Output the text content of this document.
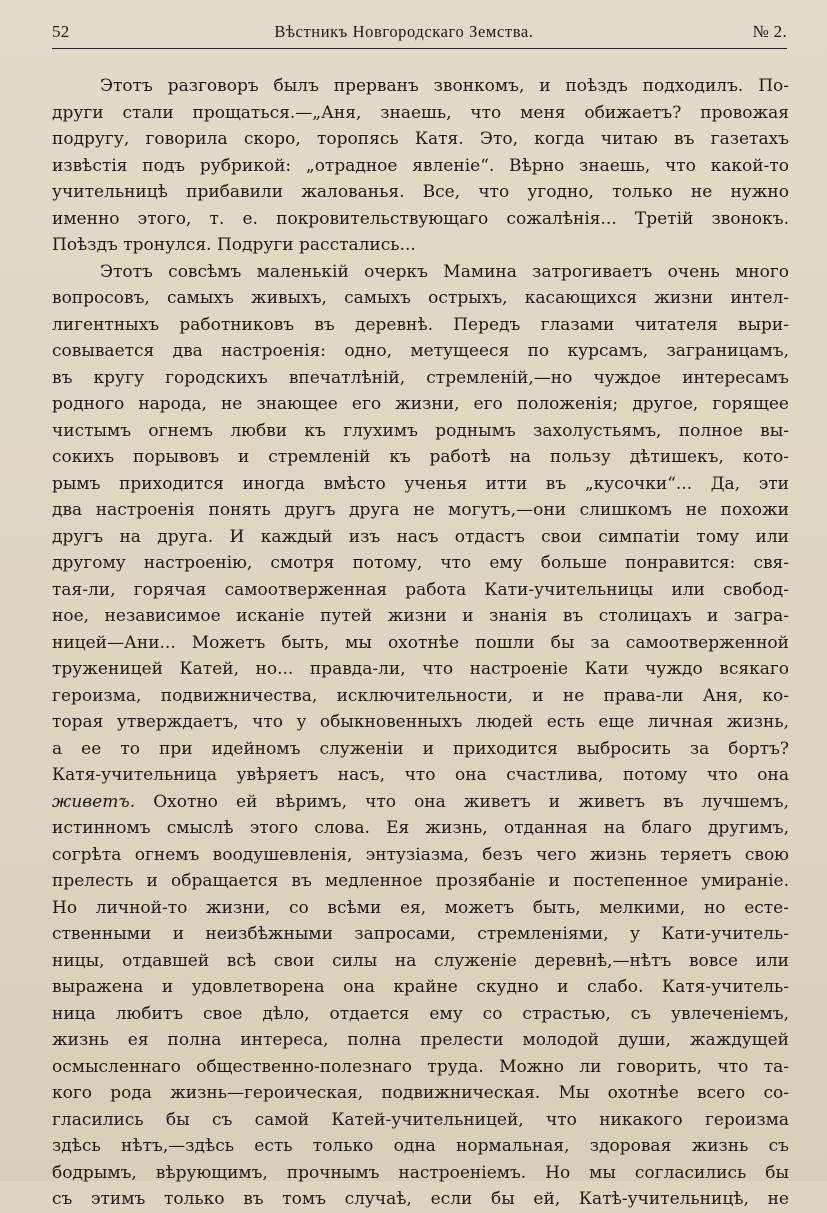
52	Вѣстникъ Новгородскаго Земства.	№ 2.
Этотъ разговоръ былъ прерванъ звонкомъ, и поѣздъ подходилъ. По-
други стали прощаться.—„Аня, знаешь, что меня обижаетъ? провожая
подругу, говорила скоро, торопясь Катя. Это, когда читаю въ газетахъ
извѣстія подъ рубрикой: „отрадное явленіе“. Вѣрно знаешь, что какой-то
учительницѣ прибавили жалованья. Все, что угодно, только не нужно
именно этого, т. е. покровительствующаго сожалѣнія... Третій звонокъ.
Поѣздъ тронулся. Подруги расстались...
Этотъ совсѣмъ маленькій очеркъ Мамина затрогиваетъ очень много
вопросовъ, самыхъ живыхъ, самыхъ острыхъ, касающихся жизни интел-
лигентныхъ работниковъ въ деревнѣ. Передъ глазами читателя выри-
совывается два настроенія: одно, метущееся по курсамъ, заграницамъ,
въ кругу городскихъ впечатлѣній, стремленій,—но чуждое интересамъ
родного народа, не знающее его жизни, его положенія; другое, горящее
чистымъ огнемъ любви къ глухимъ роднымъ захолустьямъ, полное вы-
сокихъ порывовъ и стремленій къ работѣ на пользу дѣтишекъ, кото-
рымъ приходится иногда вмѣсто ученья итти въ „кусочки“... Да, эти
два настроенія понять другъ друга не могутъ,—они слишкомъ не похожи
другъ на друга. И каждый изъ насъ отдастъ свои симпатіи тому или
другому настроенію, смотря потому, что ему больше понравится: свя-
тая-ли, горячая самоотверженная работа Кати-учительницы или свобод-
ное, независимое исканіе путей жизни и знанія въ столицахъ и загра-
ницей—Ани... Можетъ быть, мы охотнѣе пошли бы за самоотверженной
труженицей Катей, но... правда-ли, что настроеніе Кати чуждо всякаго
героизма, подвижничества, исключительности, и не права-ли Аня, ко-
торая утверждаетъ, что у обыкновенныхъ людей есть еще личная жизнь,
а ее то при идейномъ служеніи и приходится выбросить за бортъ?
Катя-учительница увѣряетъ насъ, что она счастлива, потому что она
живетъ. Охотно ей вѣримъ, что она живетъ и живетъ въ лучшемъ,
истинномъ смыслѣ этого слова. Ея жизнь, отданная на благо другимъ,
согрѣта огнемъ воодушевленія, энтузіазма, безъ чего жизнь теряетъ свою
прелесть и обращается въ медленное прозябаніе и постепенное умираніе.
Но личной-то жизни, со всѣми ея, можетъ быть, мелкими, но есте-
ственными и неизбѣжными запросами, стремленіями, у Кати-учитель-
ницы, отдавшей всѣ свои силы на служеніе деревнѣ,—нѣтъ вовсе или
выражена и удовлетворена она крайне скудно и слабо. Катя-учитель-
ница любитъ свое дѣло, отдается ему со страстью, съ увлеченіемъ,
жизнь ея полна интереса, полна прелести молодой души, жаждущей
осмысленнаго общественно-полезнаго труда. Можно ли говорить, что та-
кого рода жизнь—героическая, подвижническая. Мы охотнѣе всего со-
гласились бы съ самой Катей-учительницей, что никакого героизма
здѣсь нѣтъ,—здѣсь есть только одна нормальная, здоровая жизнь съ
бодрымъ, вѣрующимъ, прочнымъ настроеніемъ. Но мы согласились бы
съ этимъ только въ томъ случаѣ, если бы ей, Катѣ-учительницѣ, не
